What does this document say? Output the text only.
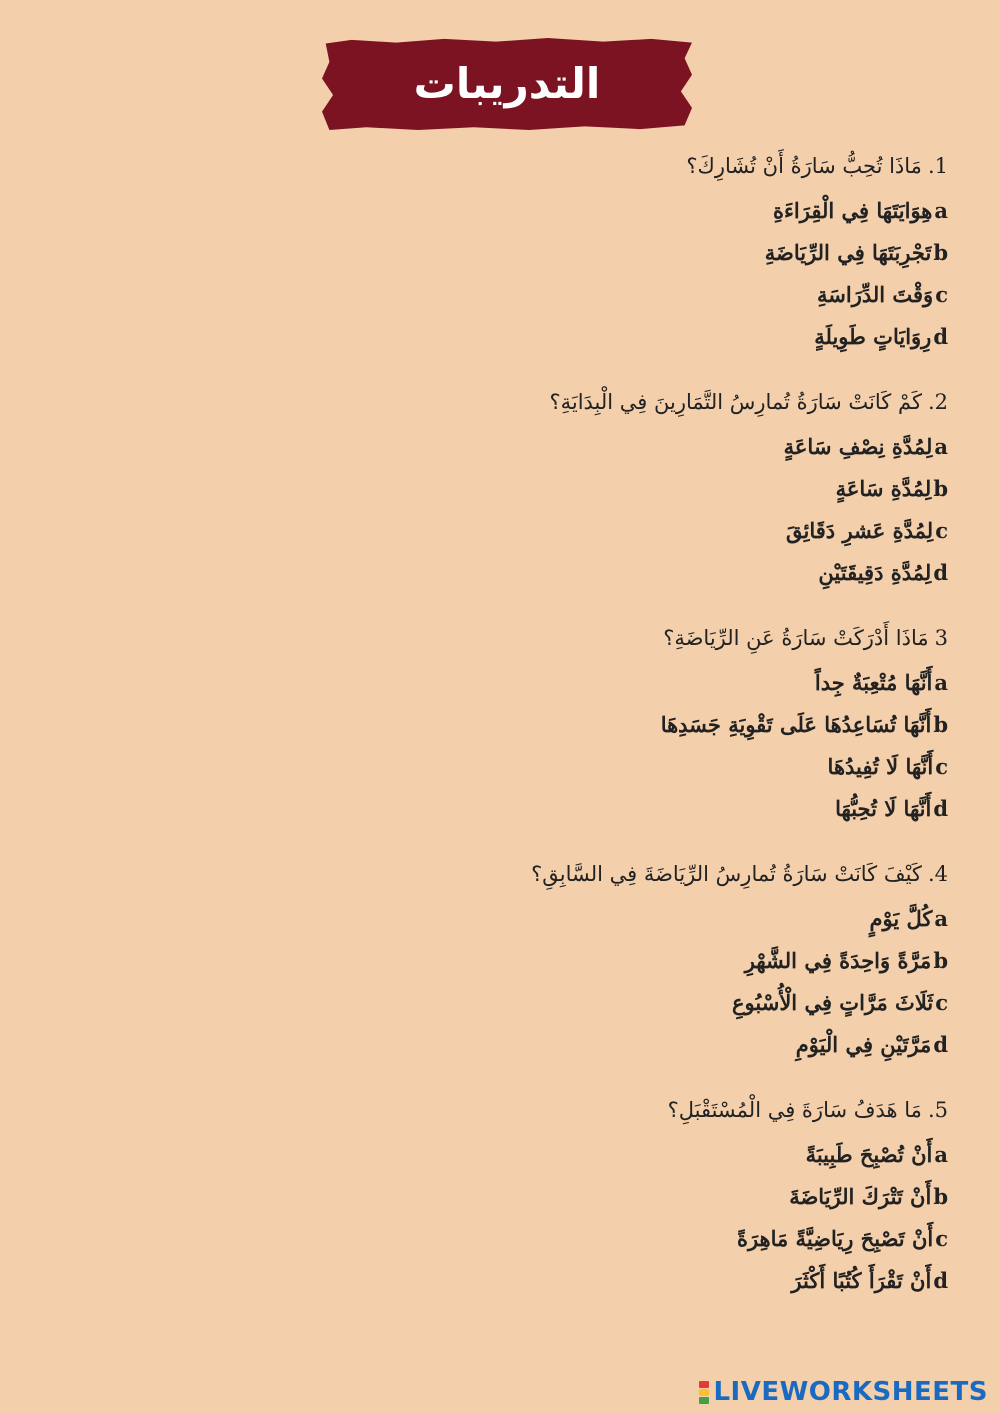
التدريبات
1.مَاذَا تُحِبُّ سَارَةُ أَنْ تُشَارِكَ؟
aهِوَايَتَهَا فِي الْقِرَاءَةِ
bتَجْرِبَتَهَا فِي الرِّيَاضَةِ
cوَقْتَ الدِّرَاسَةِ
dرِوَايَاتٍ طَوِيلَةٍ
2.كَمْ كَانَتْ سَارَةُ تُمارِسُ التَّمَارِينَ فِي الْبِدَايَةِ؟
aلِمُدَّةِ نِصْفِ سَاعَةٍ
bلِمُدَّةِ سَاعَةٍ
cلِمُدَّةِ عَشرِ دَقَائِقَ
dلِمُدَّةِ دَقِيقَتَيْنِ
3مَاذَا أَدْرَكَتْ سَارَةُ عَنِ الرِّيَاضَةِ؟
aأَنَّهَا مُتْعِبَةٌ جِداً
bأَنَّهَا تُسَاعِدُهَا عَلَى تَقْوِيَةِ جَسَدِهَا
cأَنَّهَا لَا تُفِيدُهَا
dأَنَّهَا لَا تُحِبُّهَا
4.كَيْفَ كَانَتْ سَارَةُ تُمارِسُ الرِّيَاضَةَ فِي السَّابِقِ؟
aكُلَّ يَوْمٍ
bمَرَّةً وَاحِدَةً فِي الشَّهْرِ
cثَلَاثَ مَرَّاتٍ فِي الْأُسْبُوعِ
dمَرَّتَيْنِ فِي الْيَوْمِ
5.مَا هَدَفُ سَارَةَ فِي الْمُسْتَقْبَلِ؟
aأَنْ تُصْبِحَ طَبِيبَةً
bأَنْ تَتْرَكَ الرِّيَاضَةَ
cأَنْ تَصْبِحَ رِيَاضِيَّةً مَاهِرَةً
dأَنْ تَقْرَأَ كُتُبًا أَكْثَرَ
LIVEWORKSHEETS
